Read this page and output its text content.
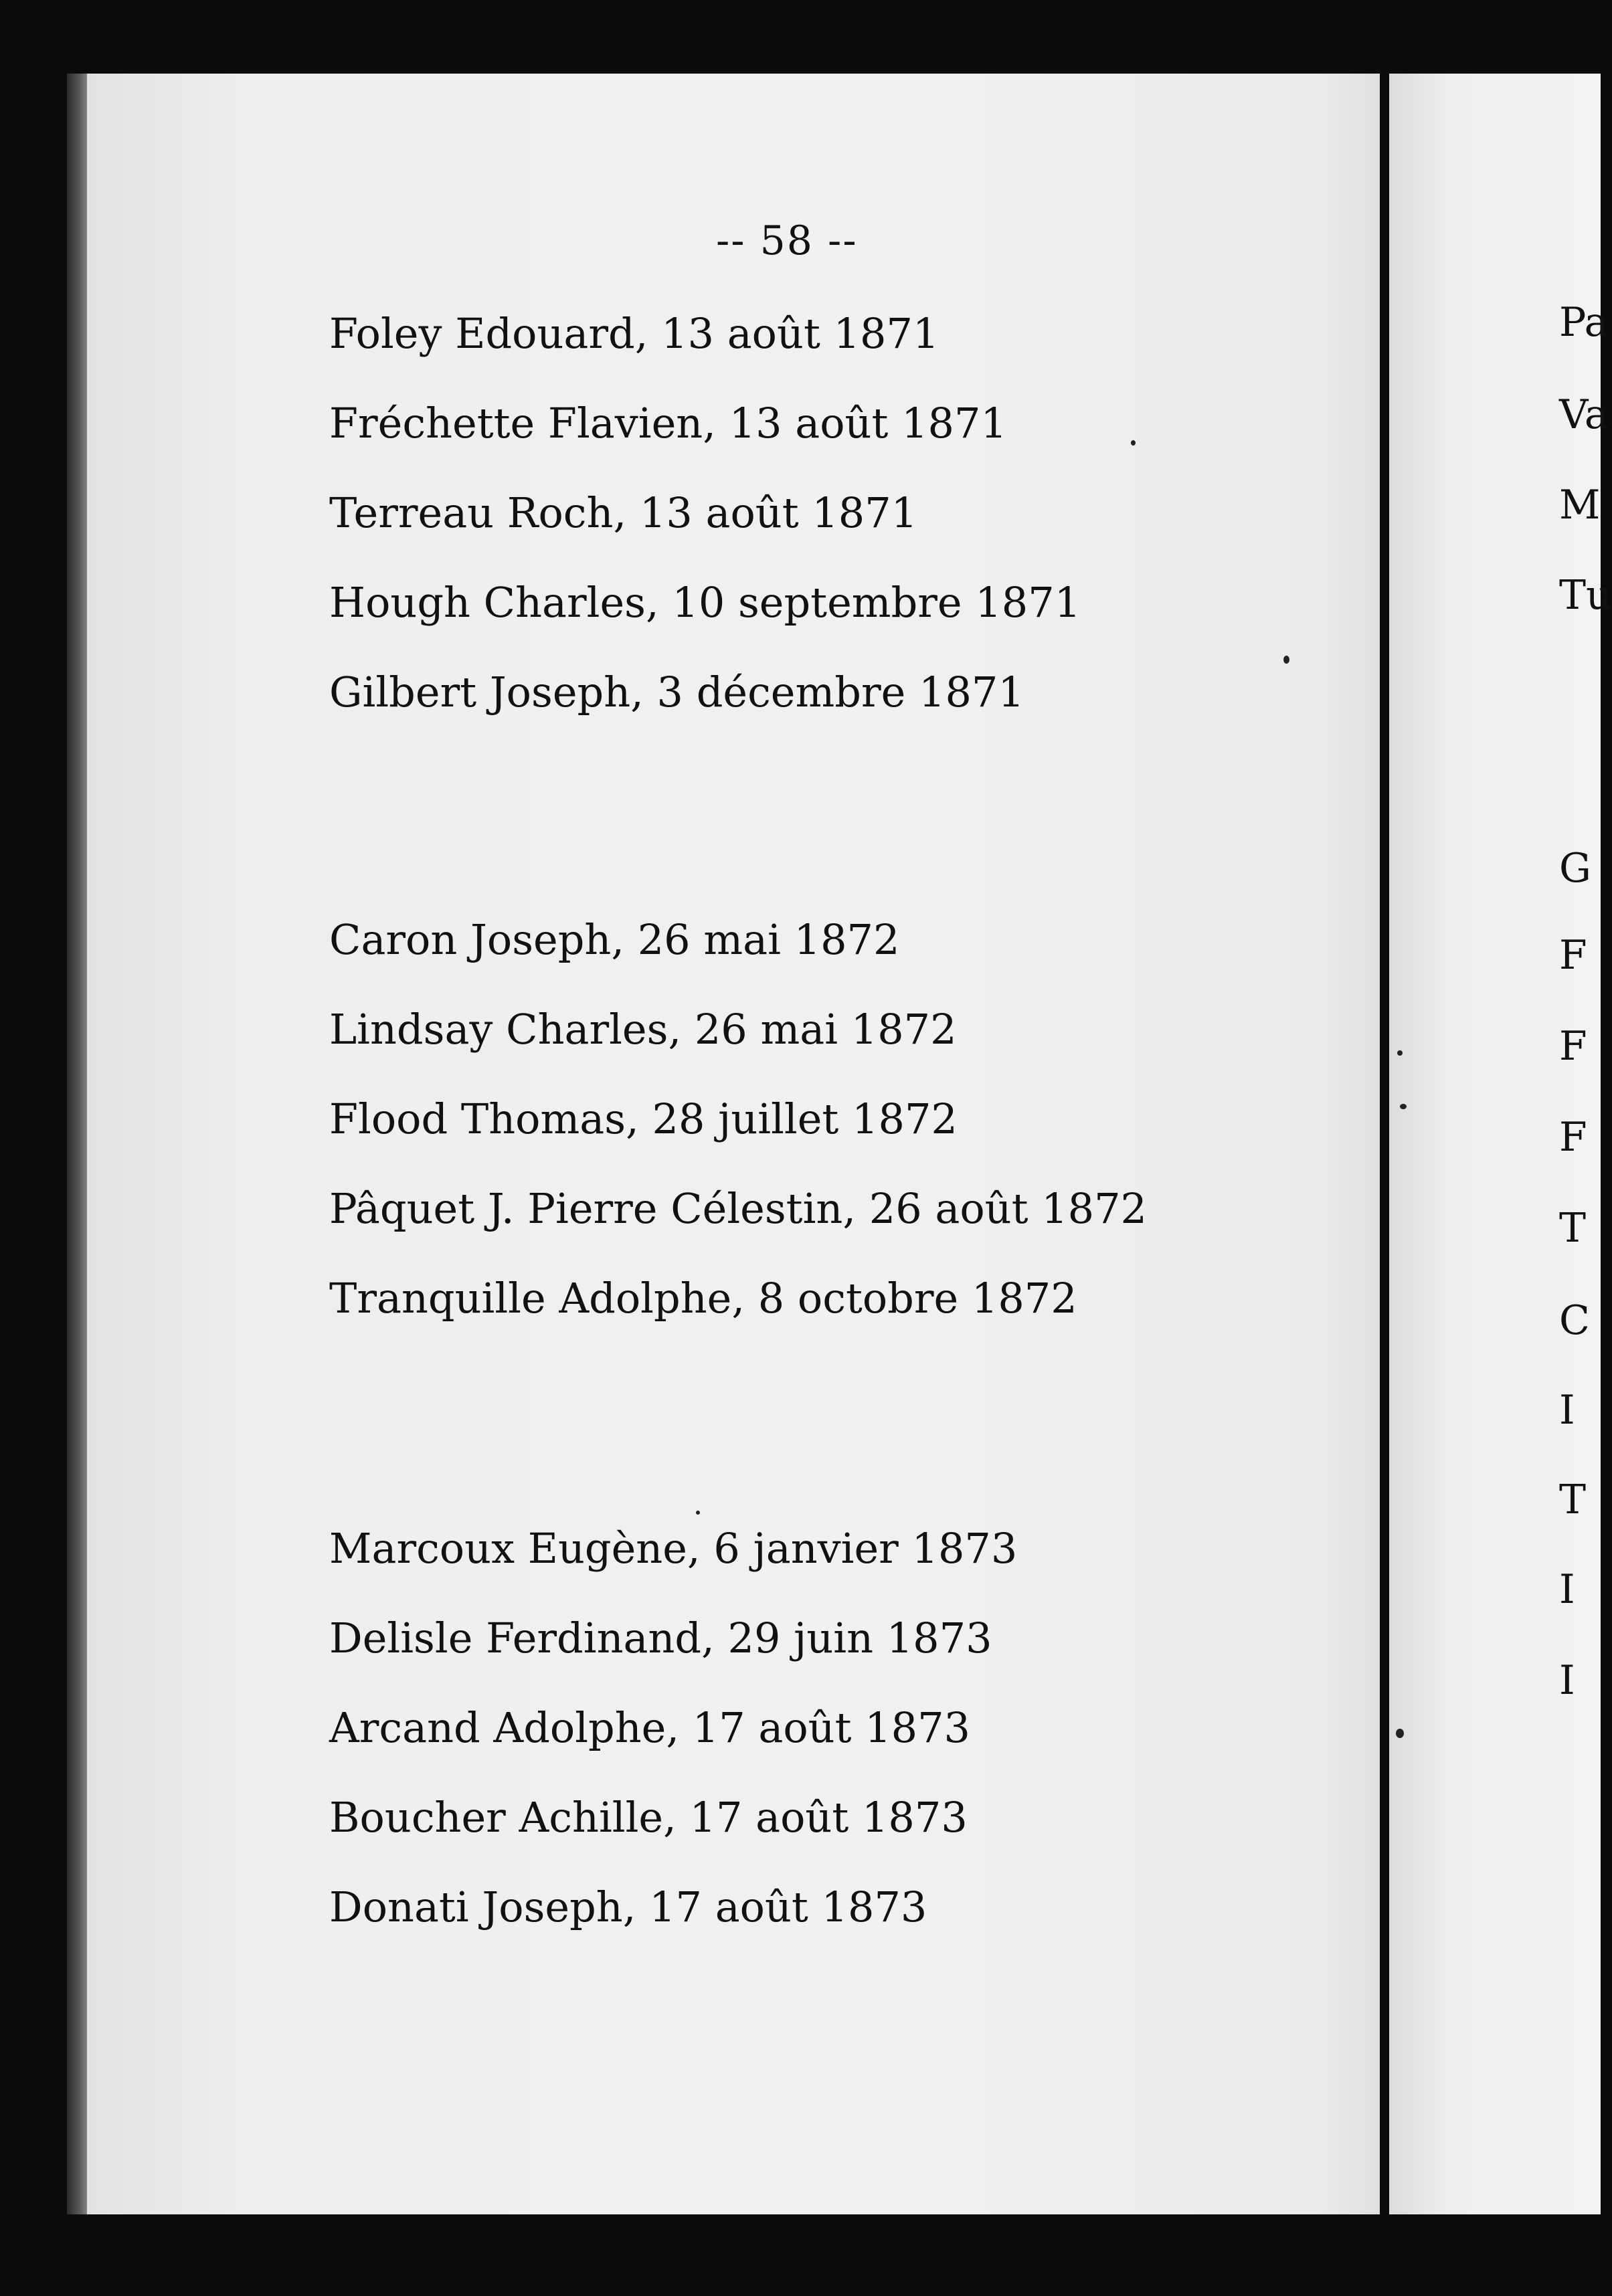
-- 58 --
Foley Edouard, 13 août 1871
Fréchette Flavien, 13 août 1871
Terreau Roch, 13 août 1871
Hough Charles, 10 septembre 1871
Gilbert Joseph, 3 décembre 1871
Caron Joseph, 26 mai 1872
Lindsay Charles, 26 mai 1872
Flood Thomas, 28 juillet 1872
Pâquet J. Pierre Célestin, 26 août 1872
Tranquille Adolphe, 8 octobre 1872
Marcoux Eugène, 6 janvier 1873
Delisle Ferdinand, 29 juin 1873
Arcand Adolphe, 17 août 1873
Boucher Achille, 17 août 1873
Donati Joseph, 17 août 1873
Pa
Va
M
Tu
G
F
F
F
T
C
I
T
I
I
